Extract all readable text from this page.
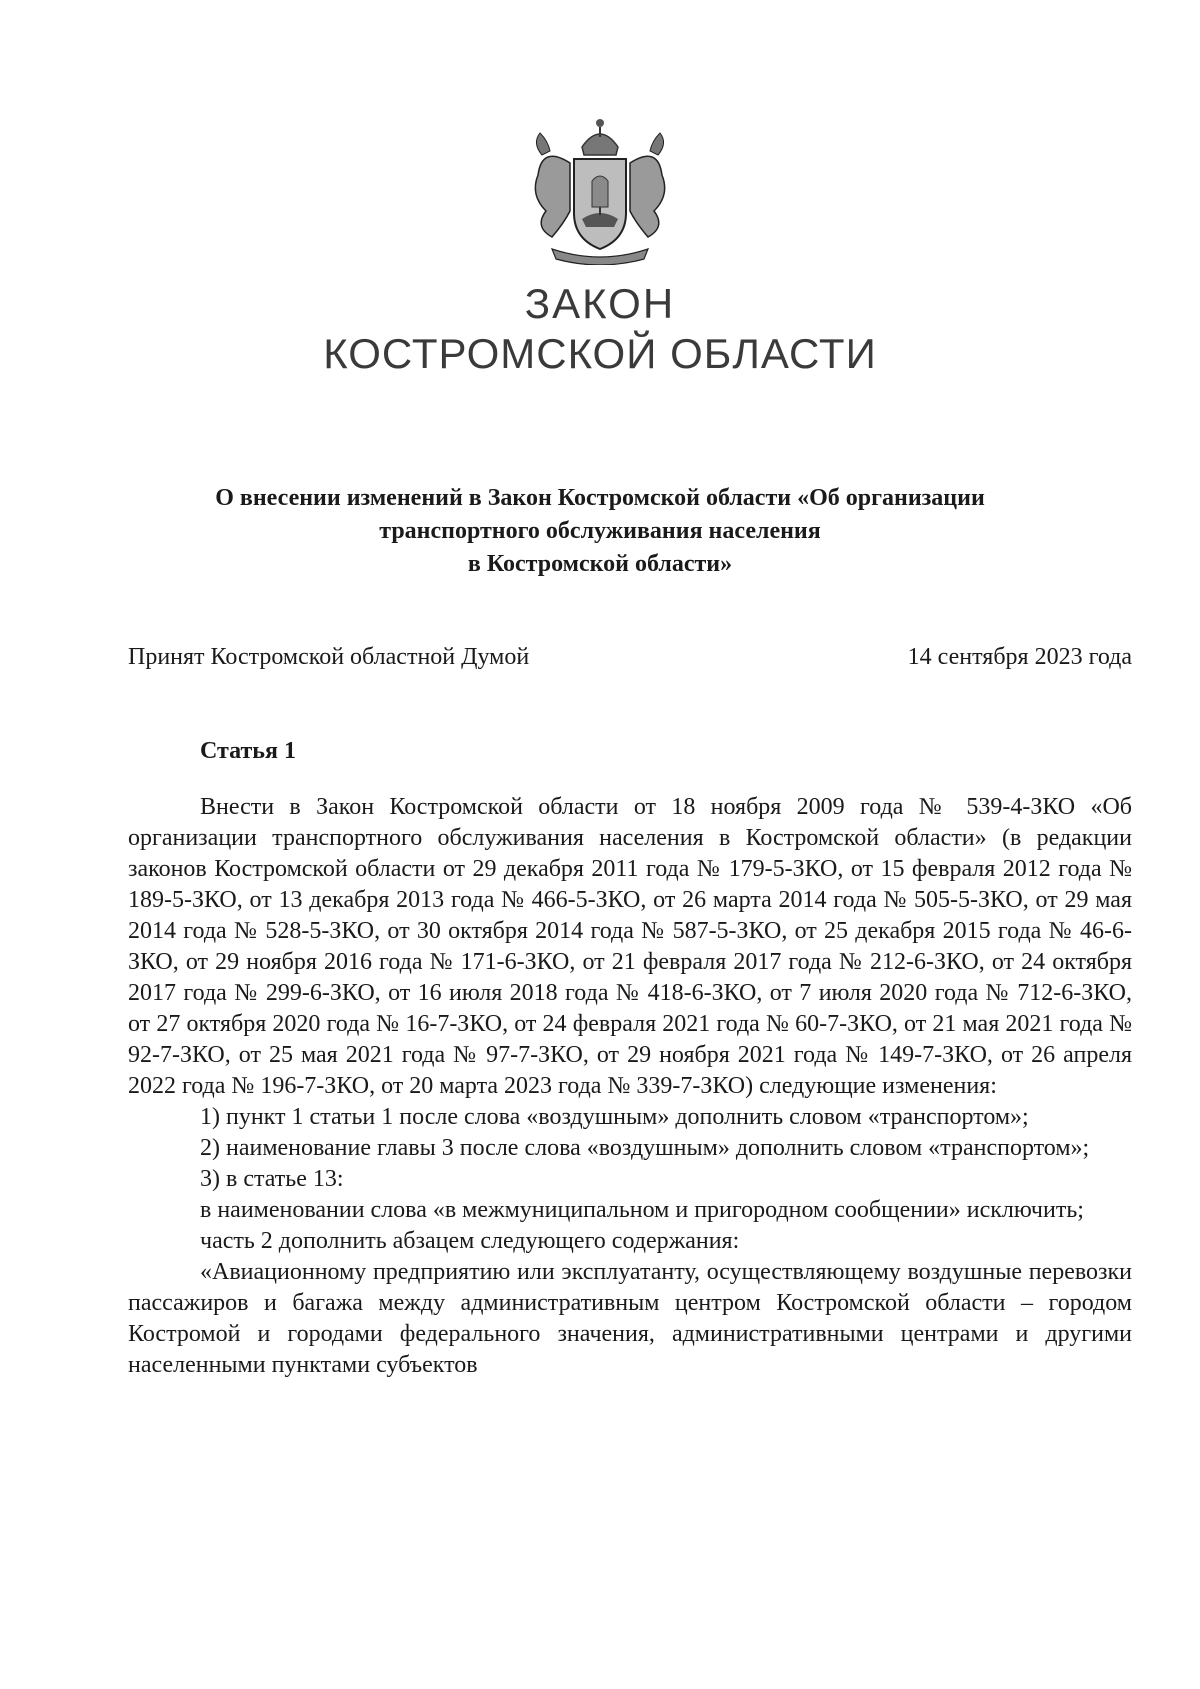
ЗАКОН
КОСТРОМСКОЙ ОБЛАСТИ
О внесении изменений в Закон Костромской области «Об организации
транспортного обслуживания населения
в Костромской области»
Принят Костромской областной Думой	14 сентября 2023 года
Статья 1

Внести в Закон Костромской области от 18 ноября 2009 года № 539-4-ЗКО «Об организации транспортного обслуживания населения в Костромской области» (в редакции законов Костромской области от 29 декабря 2011 года № 179-5-ЗКО, от 15 февраля 2012 года № 189-5-ЗКО, от 13 декабря 2013 года № 466-5-ЗКО, от 26 марта 2014 года № 505-5-ЗКО, от 29 мая 2014 года № 528-5-ЗКО, от 30 октября 2014 года № 587-5-ЗКО, от 25 декабря 2015 года № 46-6-ЗКО, от 29 ноября 2016 года № 171-6-ЗКО, от 21 февраля 2017 года № 212-6-ЗКО, от 24 октября 2017 года № 299-6-ЗКО, от 16 июля 2018 года № 418-6-ЗКО, от 7 июля 2020 года № 712-6-ЗКО, от 27 октября 2020 года № 16-7-ЗКО, от 24 февраля 2021 года № 60-7-ЗКО, от 21 мая 2021 года № 92-7-ЗКО, от 25 мая 2021 года № 97-7-ЗКО, от 29 ноября 2021 года № 149-7-ЗКО, от 26 апреля 2022 года № 196-7-ЗКО, от 20 марта 2023 года № 339-7-ЗКО) следующие изменения:

1) пункт 1 статьи 1 после слова «воздушным» дополнить словом «транспортом»;

2) наименование главы 3 после слова «воздушным» дополнить словом «транспортом»;

3) в статье 13:

в наименовании слова «в межмуниципальном и пригородном сообщении» исключить;

часть 2 дополнить абзацем следующего содержания:

«Авиационному предприятию или эксплуатанту, осуществляющему воздушные перевозки пассажиров и багажа между административным центром Костромской области – городом Костромой и городами федерального значения, административными центрами и другими населенными пунктами субъектов
